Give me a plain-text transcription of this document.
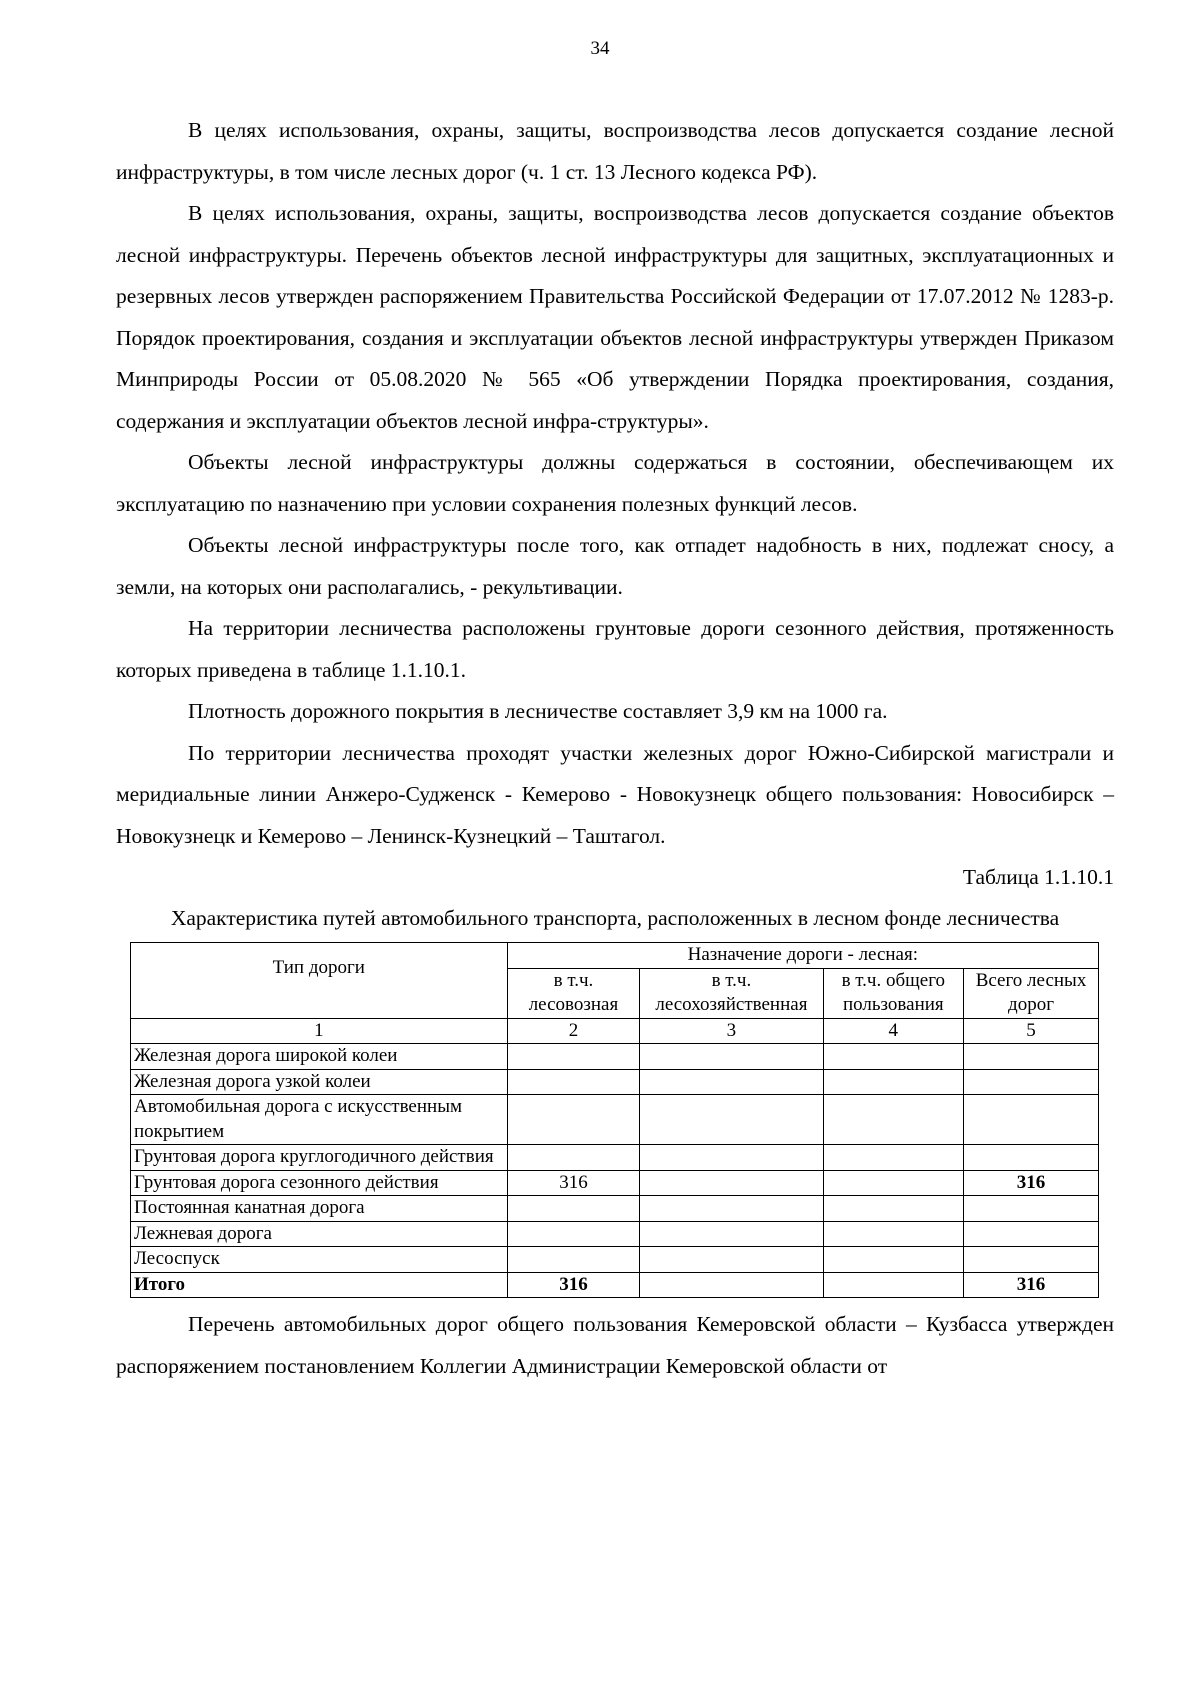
34

В целях использования, охраны, защиты, воспроизводства лесов допускается создание лесной инфраструктуры, в том числе лесных дорог (ч. 1 ст. 13 Лесного кодекса РФ).

В целях использования, охраны, защиты, воспроизводства лесов допускается создание объектов лесной инфраструктуры. Перечень объектов лесной инфраструктуры для защитных, эксплуатационных и резервных лесов утвержден распоряжением Правительства Российской Федерации от 17.07.2012 № 1283-р. Порядок проектирования, создания и эксплуатации объектов лесной инфраструктуры утвержден Приказом Минприроды России от 05.08.2020 № 565 «Об утверждении Порядка проектирования, создания, содержания и эксплуатации объектов лесной инфра-структуры».

Объекты лесной инфраструктуры должны содержаться в состоянии, обеспечивающем их эксплуатацию по назначению при условии сохранения полезных функций лесов.

Объекты лесной инфраструктуры после того, как отпадет надобность в них, подлежат сносу, а земли, на которых они располагались, - рекультивации.

На территории лесничества расположены грунтовые дороги сезонного действия, протяженность которых приведена в таблице 1.1.10.1.

Плотность дорожного покрытия в лесничестве составляет 3,9 км на 1000 га.

По территории лесничества проходят участки железных дорог Южно-Сибирской магистрали и меридиальные линии Анжеро-Судженск - Кемерово - Новокузнецк общего пользования: Новосибирск – Новокузнецк и Кемерово – Ленинск-Кузнецкий – Таштагол.

Таблица 1.1.10.1

Характеристика путей автомобильного транспорта, расположенных в лесном фонде лесничества

Тип дороги	Назначение дороги - лесная:			
	в т.ч. лесовозная	в т.ч. лесохозяйственная	в т.ч. общего пользования	Всего лесных дорог
1	2	3	4	5
Железная дорога широкой колеи				
Железная дорога узкой колеи				
Автомобильная дорога с искусственным покрытием				
Грунтовая дорога круглогодичного действия				
Грунтовая дорога сезонного действия	316			316
Постоянная канатная дорога				
Лежневая дорога				
Лесоспуск				
Итого	316			316

Перечень автомобильных дорог общего пользования Кемеровской области – Кузбасса утвержден распоряжением постановлением Коллегии Администрации Кемеровской области от
